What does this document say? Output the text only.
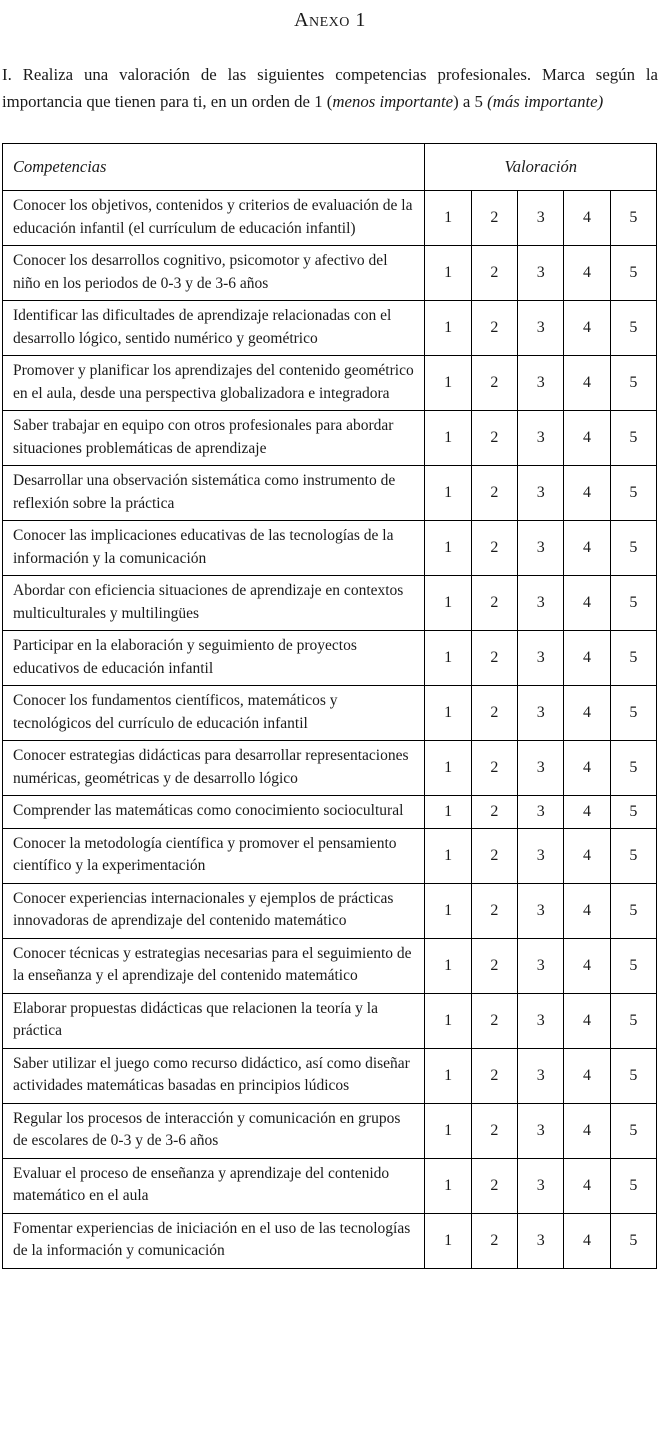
Anexo 1

I. Realiza una valoración de las siguientes competencias profesionales. Marca según la importancia que tienen para ti, en un orden de 1 (menos importante) a 5 (más importante)

Competencias	Valoración				
Conocer los objetivos, contenidos y criterios de evaluación de la educación infantil (el currículum de educación infantil)	1	2	3	4	5
Conocer los desarrollos cognitivo, psicomotor y afectivo del niño en los periodos de 0-3 y de 3-6 años	1	2	3	4	5
Identificar las dificultades de aprendizaje relacionadas con el desarrollo lógico, sentido numérico y geométrico	1	2	3	4	5
Promover y planificar los aprendizajes del contenido geométrico en el aula, desde una perspectiva globalizadora e integradora	1	2	3	4	5
Saber trabajar en equipo con otros profesionales para abordar situaciones problemáticas de aprendizaje	1	2	3	4	5
Desarrollar una observación sistemática como instrumento de reflexión sobre la práctica	1	2	3	4	5
Conocer las implicaciones educativas de las tecnologías de la información y la comunicación	1	2	3	4	5
Abordar con eficiencia situaciones de aprendizaje en contextos multiculturales y multilingües	1	2	3	4	5
Participar en la elaboración y seguimiento de proyectos educativos de educación infantil	1	2	3	4	5
Conocer los fundamentos científicos, matemáticos y tecnológicos del currículo de educación infantil	1	2	3	4	5
Conocer estrategias didácticas para desarrollar representaciones numéricas, geométricas y de desarrollo lógico	1	2	3	4	5
Comprender las matemáticas como conocimiento sociocultural	1	2	3	4	5
Conocer la metodología científica y promover el pensamiento científico y la experimentación	1	2	3	4	5
Conocer experiencias internacionales y ejemplos de prácticas innovadoras de aprendizaje del contenido matemático	1	2	3	4	5
Conocer técnicas y estrategias necesarias para el seguimiento de la enseñanza y el aprendizaje del contenido matemático	1	2	3	4	5
Elaborar propuestas didácticas que relacionen la teoría y la práctica	1	2	3	4	5
Saber utilizar el juego como recurso didáctico, así como diseñar actividades matemáticas basadas en principios lúdicos	1	2	3	4	5
Regular los procesos de interacción y comunicación en grupos de escolares de 0-3 y de 3-6 años	1	2	3	4	5
Evaluar el proceso de enseñanza y aprendizaje del contenido matemático en el aula	1	2	3	4	5
Fomentar experiencias de iniciación en el uso de las tecnologías de la información y comunicación	1	2	3	4	5
